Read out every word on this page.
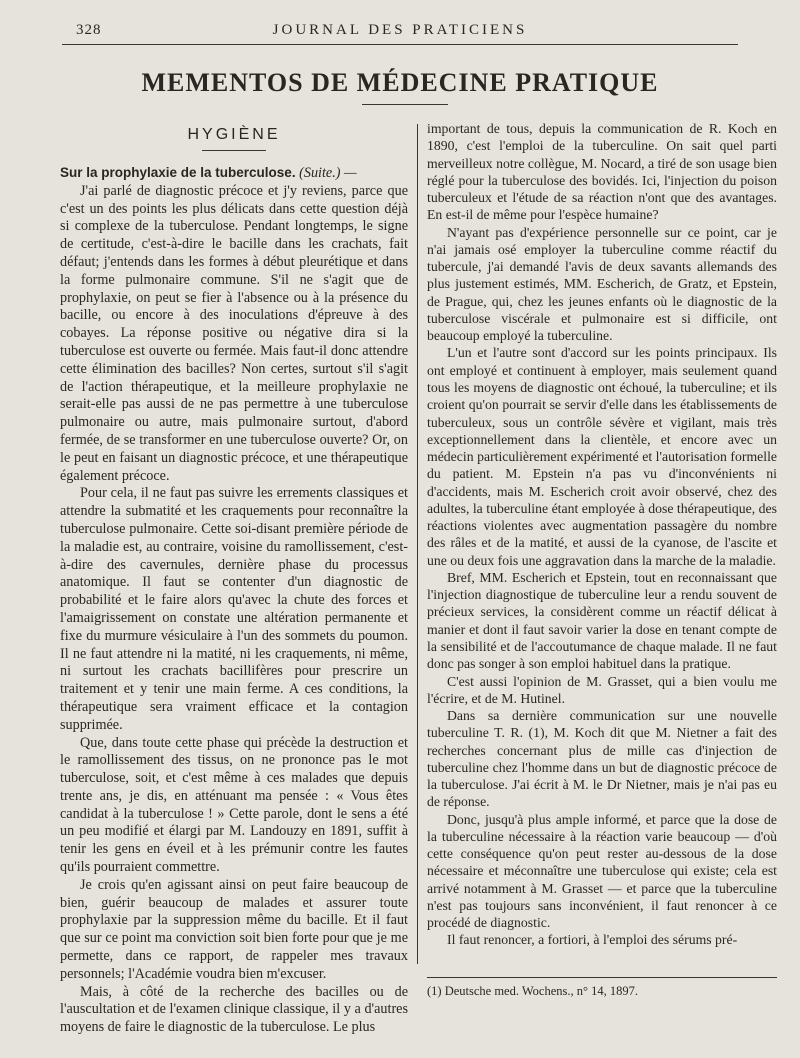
328	JOURNAL DES PRATICIENS
MEMENTOS DE MÉDECINE PRATIQUE
HYGIÈNE

Sur la prophylaxie de la tuberculose. (Suite.) —

J'ai parlé de diagnostic précoce et j'y reviens, parce que c'est un des points les plus délicats dans cette question déjà si complexe de la tuberculose. Pendant longtemps, le signe de certitude, c'est-à-dire le bacille dans les crachats, fait défaut; j'entends dans les formes à début pleurétique et dans la forme pulmonaire commune. S'il ne s'agit que de prophylaxie, on peut se fier à l'absence ou à la présence du bacille, ou encore à des inoculations d'épreuve à des cobayes. La réponse positive ou négative dira si la tuberculose est ouverte ou fermée. Mais faut-il donc attendre cette élimination des bacilles? Non certes, surtout s'il s'agit de l'action thérapeutique, et la meilleure prophylaxie ne serait-elle pas aussi de ne pas permettre à une tuberculose pulmonaire ou autre, mais pulmonaire surtout, d'abord fermée, de se transformer en une tuberculose ouverte? Or, on le peut en faisant un diagnostic précoce, et une thérapeutique également précoce.

Pour cela, il ne faut pas suivre les errements classiques et attendre la submatité et les craquements pour reconnaître la tuberculose pulmonaire. Cette soi-disant première période de la maladie est, au contraire, voisine du ramollissement, c'est-à-dire des cavernules, dernière phase du processus anatomique. Il faut se contenter d'un diagnostic de probabilité et le faire alors qu'avec la chute des forces et l'amaigrissement on constate une altération permanente et fixe du murmure vésiculaire à l'un des sommets du poumon. Il ne faut attendre ni la matité, ni les craquements, ni même, ni surtout les crachats bacillifères pour prescrire un traitement et y tenir une main ferme. A ces conditions, la thérapeutique sera vraiment efficace et la contagion supprimée.

Que, dans toute cette phase qui précède la destruction et le ramollissement des tissus, on ne prononce pas le mot tuberculose, soit, et c'est même à ces malades que depuis trente ans, je dis, en atténuant ma pensée : « Vous êtes candidat à la tuberculose ! » Cette parole, dont le sens a été un peu modifié et élargi par M. Landouzy en 1891, suffit à tenir les gens en éveil et à les prémunir contre les fautes qu'ils pourraient commettre.

Je crois qu'en agissant ainsi on peut faire beaucoup de bien, guérir beaucoup de malades et assurer toute prophylaxie par la suppression même du bacille. Et il faut que sur ce point ma conviction soit bien forte pour que je me permette, dans ce rapport, de rappeler mes travaux personnels; l'Académie voudra bien m'excuser.

Mais, à côté de la recherche des bacilles ou de l'auscultation et de l'examen clinique classique, il y a d'autres moyens de faire le diagnostic de la tuberculose. Le plus

important de tous, depuis la communication de R. Koch en 1890, c'est l'emploi de la tuberculine. On sait quel parti merveilleux notre collègue, M. Nocard, a tiré de son usage bien réglé pour la tuberculose des bovidés. Ici, l'injection du poison tuberculeux et l'étude de sa réaction n'ont que des avantages. En est-il de même pour l'espèce humaine?

N'ayant pas d'expérience personnelle sur ce point, car je n'ai jamais osé employer la tuberculine comme réactif du tubercule, j'ai demandé l'avis de deux savants allemands des plus justement estimés, MM. Escherich, de Gratz, et Epstein, de Prague, qui, chez les jeunes enfants où le diagnostic de la tuberculose viscérale et pulmonaire est si difficile, ont beaucoup employé la tuberculine.

L'un et l'autre sont d'accord sur les points principaux. Ils ont employé et continuent à employer, mais seulement quand tous les moyens de diagnostic ont échoué, la tuberculine; et ils croient qu'on pourrait se servir d'elle dans les établissements de tuberculeux, sous un contrôle sévère et vigilant, mais très exceptionnellement dans la clientèle, et encore avec un médecin particulièrement expérimenté et l'autorisation formelle du patient. M. Epstein n'a pas vu d'inconvénients ni d'accidents, mais M. Escherich croit avoir observé, chez des adultes, la tuberculine étant employée à dose thérapeutique, des réactions violentes avec augmentation passagère du nombre des râles et de la matité, et aussi de la cyanose, de l'ascite et une ou deux fois une aggravation dans la marche de la maladie.

Bref, MM. Escherich et Epstein, tout en reconnaissant que l'injection diagnostique de tuberculine leur a rendu souvent de précieux services, la considèrent comme un réactif délicat à manier et dont il faut savoir varier la dose en tenant compte de la sensibilité et de l'accoutumance de chaque malade. Il ne faut donc pas songer à son emploi habituel dans la pratique.

C'est aussi l'opinion de M. Grasset, qui a bien voulu me l'écrire, et de M. Hutinel.

Dans sa dernière communication sur une nouvelle tuberculine T. R. (1), M. Koch dit que M. Nietner a fait des recherches concernant plus de mille cas d'injection de tuberculine chez l'homme dans un but de diagnostic précoce de la tuberculose. J'ai écrit à M. le Dr Nietner, mais je n'ai pas eu de réponse.

Donc, jusqu'à plus ample informé, et parce que la dose de la tuberculine nécessaire à la réaction varie beaucoup — d'où cette conséquence qu'on peut rester au-dessous de la dose nécessaire et méconnaître une tuberculose qui existe; cela est arrivé notamment à M. Grasset — et parce que la tuberculine n'est pas toujours sans inconvénient, il faut renoncer à ce procédé de diagnostic.

Il faut renoncer, a fortiori, à l'emploi des sérums pré-

(1) Deutsche med. Wochens., n° 14, 1897.
